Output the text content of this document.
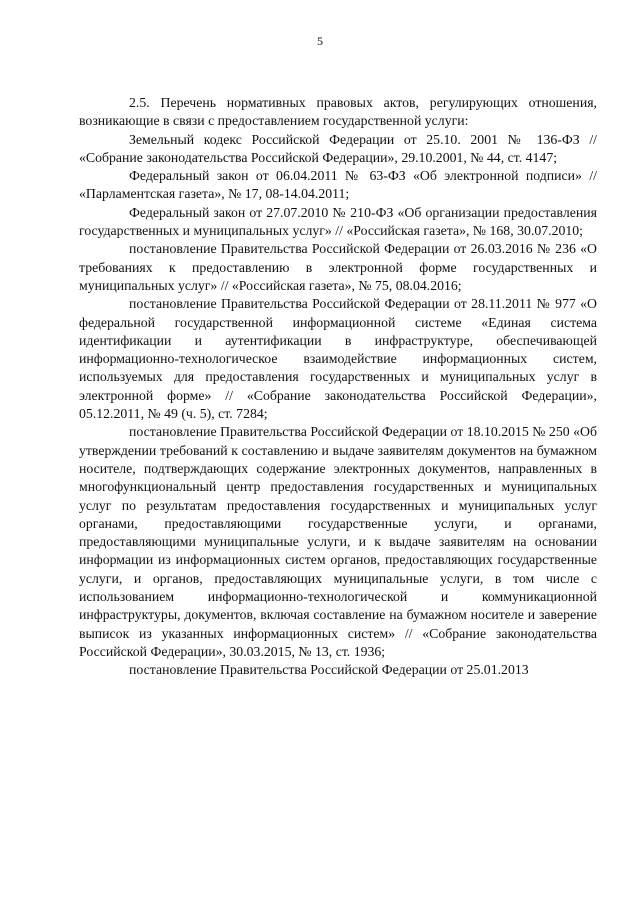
5

2.5. Перечень нормативных правовых актов, регулирующих отношения, возникающие в связи с предоставлением государственной услуги:

Земельный кодекс Российской Федерации от 25.10. 2001 № 136-ФЗ // «Собрание законодательства Российской Федерации», 29.10.2001, № 44, ст. 4147;

Федеральный закон от 06.04.2011 № 63-ФЗ «Об электронной подписи» // «Парламентская газета», № 17, 08-14.04.2011;

Федеральный закон от 27.07.2010 № 210-ФЗ «Об организации предоставления государственных и муниципальных услуг» // «Российская газета», № 168, 30.07.2010;

постановление Правительства Российской Федерации от 26.03.2016 № 236 «О требованиях к предоставлению в электронной форме государственных и муниципальных услуг» // «Российская газета», № 75, 08.04.2016;

постановление Правительства Российской Федерации от 28.11.2011 № 977 «О федеральной государственной информационной системе «Единая система идентификации и аутентификации в инфраструктуре, обеспечивающей информационно-технологическое взаимодействие информационных систем, используемых для предоставления государственных и муниципальных услуг в электронной форме» // «Собрание законодательства Российской Федерации», 05.12.2011, № 49 (ч. 5), ст. 7284;

постановление Правительства Российской Федерации от 18.10.2015 № 250 «Об утверждении требований к составлению и выдаче заявителям документов на бумажном носителе, подтверждающих содержание электронных документов, направленных в многофункциональный центр предоставления государственных и муниципальных услуг по результатам предоставления государственных и муниципальных услуг органами, предоставляющими государственные услуги, и органами, предоставляющими муниципальные услуги, и к выдаче заявителям на основании информации из информационных систем органов, предоставляющих государственные услуги, и органов, предоставляющих муниципальные услуги, в том числе с использованием информационно-технологической и коммуникационной инфраструктуры, документов, включая составление на бумажном носителе и заверение выписок из указанных информационных систем» // «Собрание законодательства Российской Федерации», 30.03.2015, № 13, ст. 1936;

постановление Правительства Российской Федерации от 25.01.2013
